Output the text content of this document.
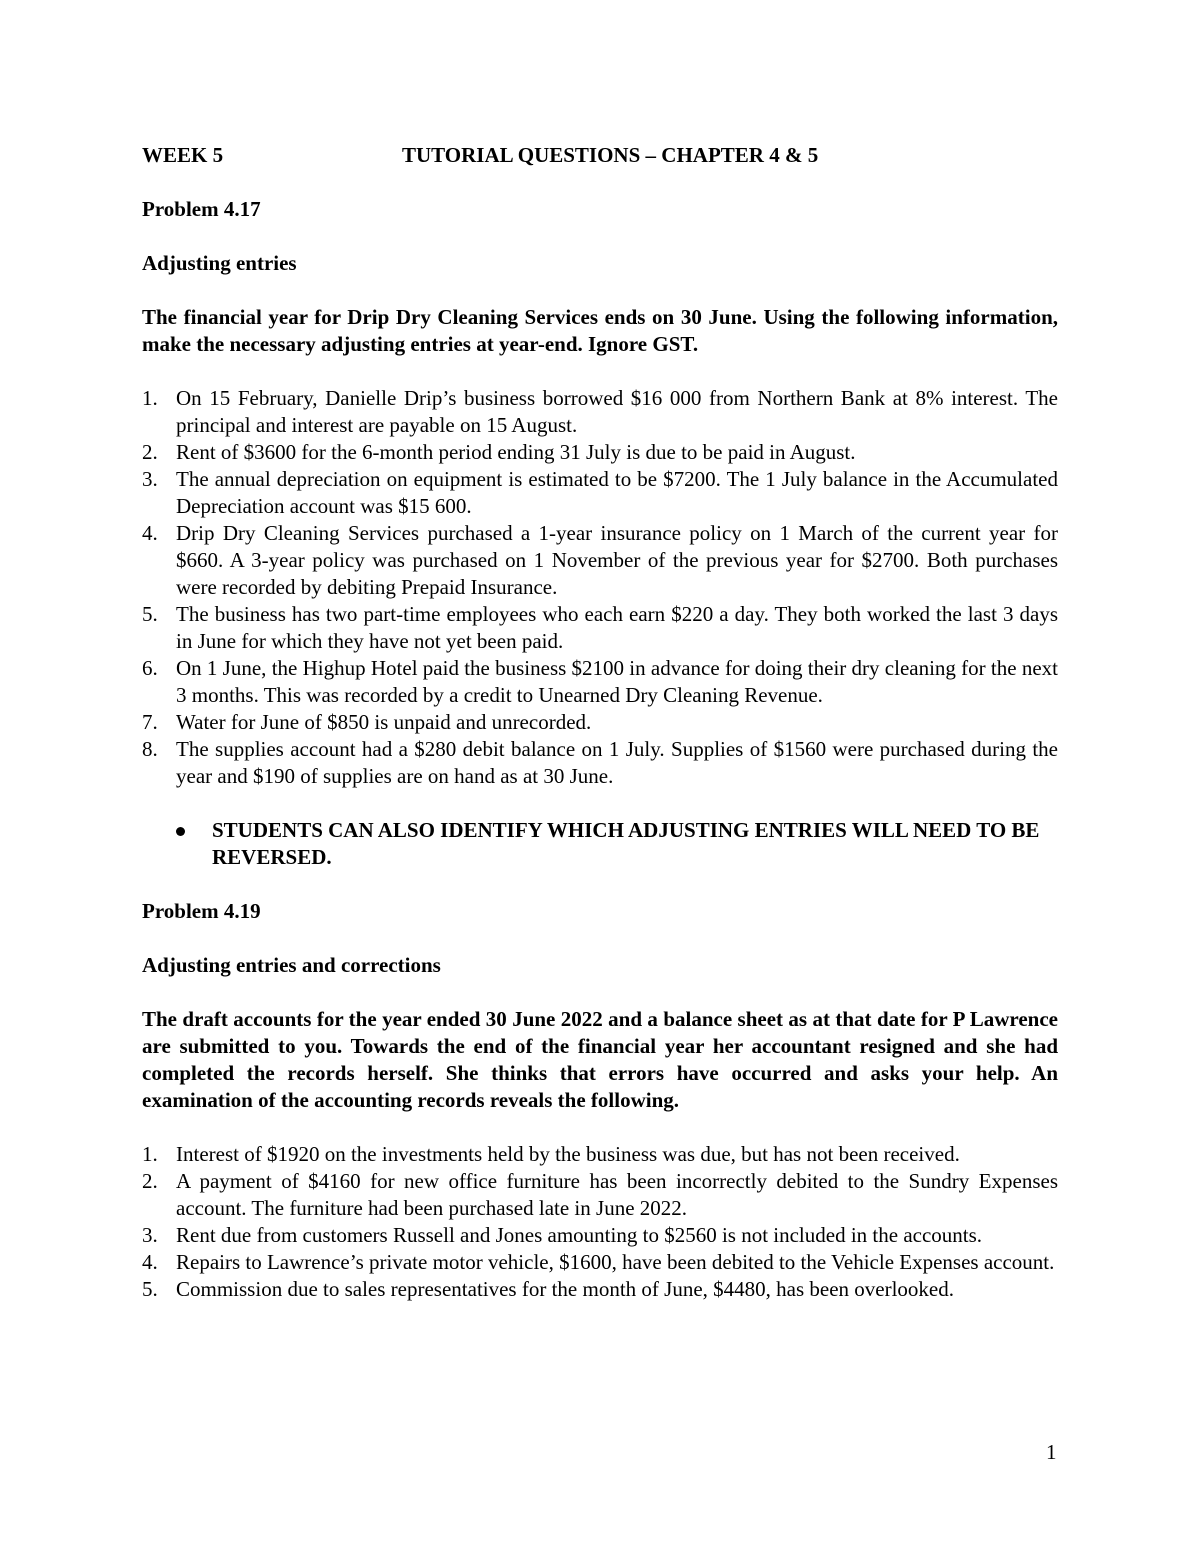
WEEK 5	TUTORIAL QUESTIONS – CHAPTER 4 & 5

Problem 4.17

Adjusting entries

The financial year for Drip Dry Cleaning Services ends on 30 June. Using the following information, make the necessary adjusting entries at year-end. Ignore GST.

1. On 15 February, Danielle Drip’s business borrowed $16 000 from Northern Bank at 8% interest. The principal and interest are payable on 15 August.
2. Rent of $3600 for the 6-month period ending 31 July is due to be paid in August.
3. The annual depreciation on equipment is estimated to be $7200. The 1 July balance in the Accumulated Depreciation account was $15 600.
4. Drip Dry Cleaning Services purchased a 1-year insurance policy on 1 March of the current year for $660. A 3-year policy was purchased on 1 November of the previous year for $2700. Both purchases were recorded by debiting Prepaid Insurance.
5. The business has two part-time employees who each earn $220 a day. They both worked the last 3 days in June for which they have not yet been paid.
6. On 1 June, the Highup Hotel paid the business $2100 in advance for doing their dry cleaning for the next 3 months. This was recorded by a credit to Unearned Dry Cleaning Revenue.
7. Water for June of $850 is unpaid and unrecorded.
8. The supplies account had a $280 debit balance on 1 July. Supplies of $1560 were purchased during the year and $190 of supplies are on hand as at 30 June.
STUDENTS CAN ALSO IDENTIFY WHICH ADJUSTING ENTRIES WILL NEED TO BE REVERSED.

Problem 4.19

Adjusting entries and corrections

The draft accounts for the year ended 30 June 2022 and a balance sheet as at that date for P Lawrence are submitted to you. Towards the end of the financial year her accountant resigned and she had completed the records herself. She thinks that errors have occurred and asks your help. An examination of the accounting records reveals the following.

1. Interest of $1920 on the investments held by the business was due, but has not been received.
2. A payment of $4160 for new office furniture has been incorrectly debited to the Sundry Expenses account. The furniture had been purchased late in June 2022.
3. Rent due from customers Russell and Jones amounting to $2560 is not included in the accounts.
4. Repairs to Lawrence’s private motor vehicle, $1600, have been debited to the Vehicle Expenses account.
5. Commission due to sales representatives for the month of June, $4480, has been overlooked.
1
